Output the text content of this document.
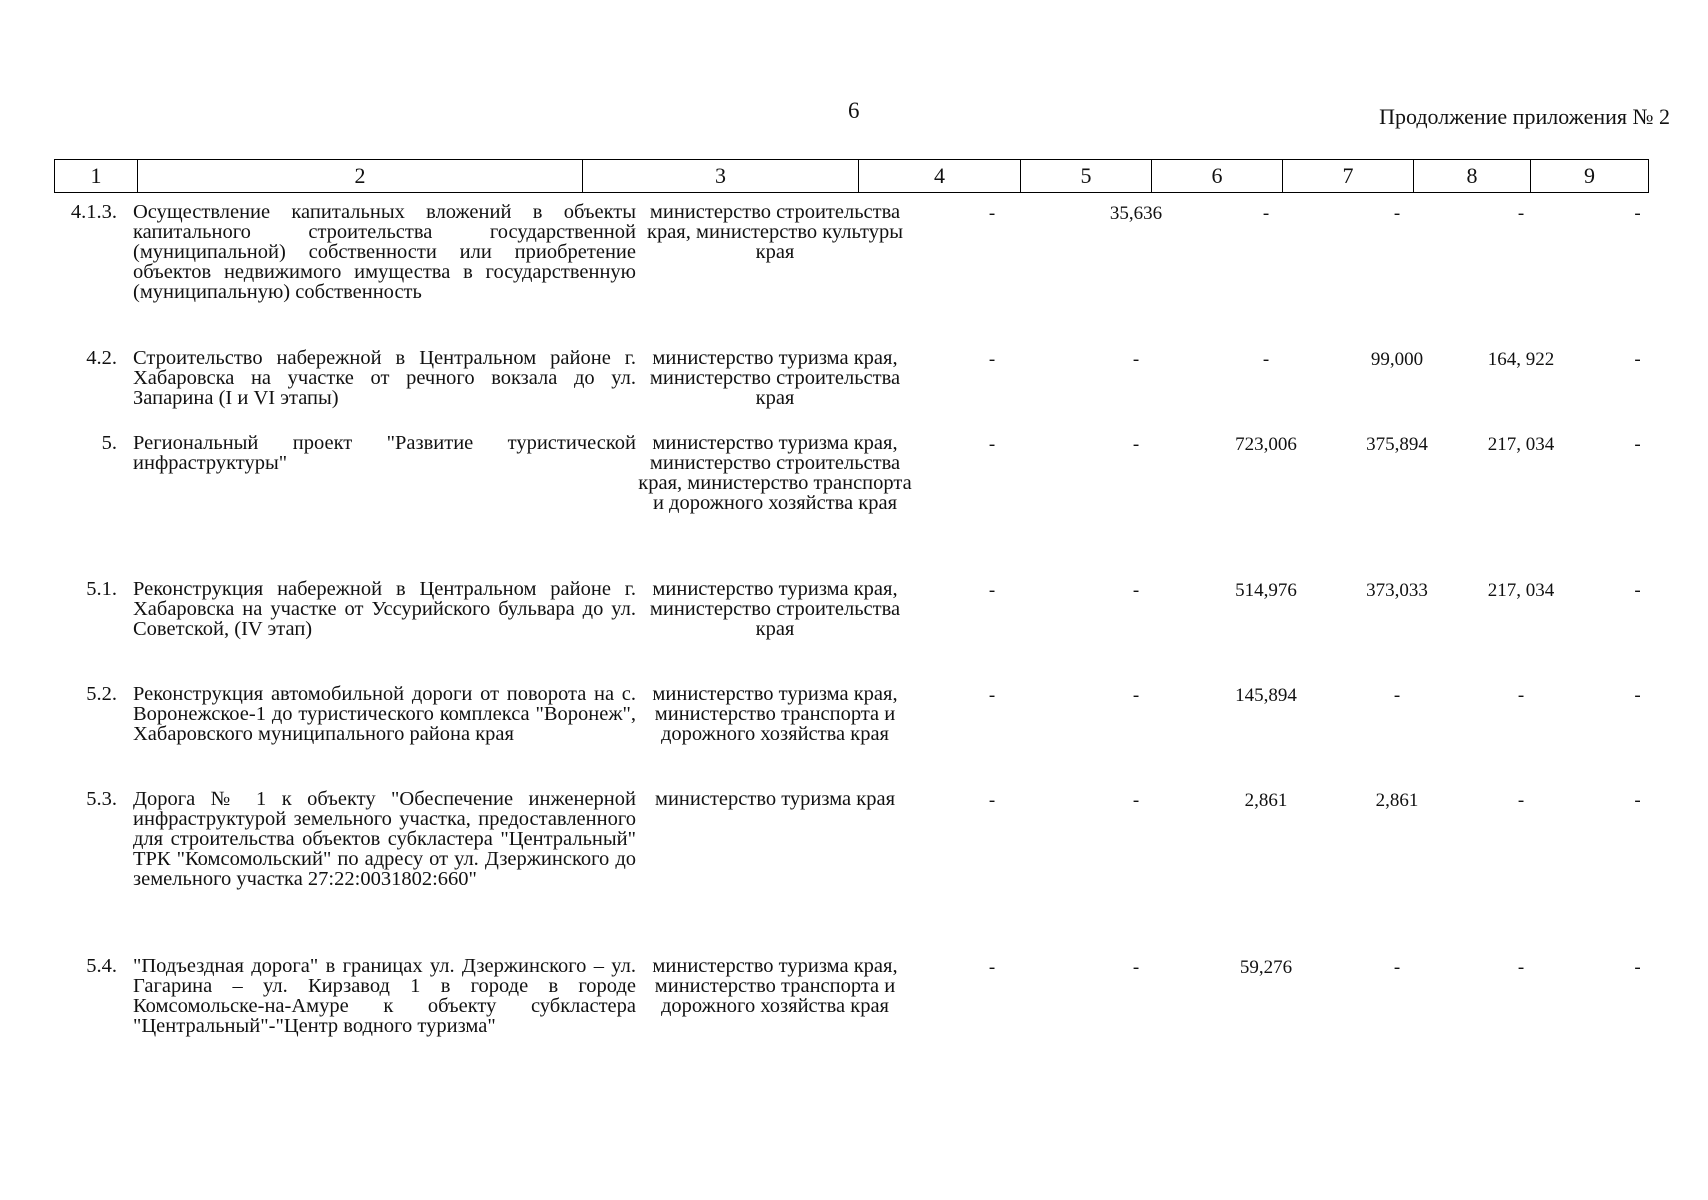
6	Продолжение приложения № 2
1	2	3	4	5	6	7	8	9
4.1.3. Осуществление капитальных вложений в объекты капитального строительства государственной (муниципальной) собственности или приобретение объектов недвижимого имущества в государственную (муниципальную) собственность
министерство строительства края, министерство культуры края
-	35,636	-	-	-	-
4.2. Строительство набережной в Центральном районе г. Хабаровска на участке от речного вокзала до ул. Запарина (I и VI этапы)
министерство туризма края, министерство строительства края
-	-	-	99,000	164, 922	-
5. Региональный проект "Развитие туристической инфраструктуры"
министерство туризма края, министерство строительства края, министерство транспорта и дорожного хозяйства края
-	-	723,006	375,894	217, 034	-
5.1. Реконструкция набережной в Центральном районе г. Хабаровска на участке от Уссурийского бульвара до ул. Советской, (IV этап)
министерство туризма края, министерство строительства края
-	-	514,976	373,033	217, 034	-
5.2. Реконструкция автомобильной дороги от поворота на с. Воронежское-1 до туристического комплекса "Воронеж", Хабаровского муниципального района края
министерство туризма края, министерство транспорта и дорожного хозяйства края
-	-	145,894	-	-	-
5.3. Дорога № 1 к объекту "Обеспечение инженерной инфраструктурой земельного участка, предоставленного для строительства объектов субкластера "Центральный" ТРК "Комсомольский" по адресу от ул. Дзержинского до земельного участка 27:22:0031802:660"
министерство туризма края	-	-	2,861	2,861	-	-
5.4. "Подъездная дорога" в границах ул. Дзержинского – ул. Гагарина – ул. Кирзавод 1 в городе в городе Комсомольске-на-Амуре к объекту субкластера "Центральный"-"Центр водного туризма"
министерство туризма края, министерство транспорта и дорожного хозяйства края
-	-	59,276	-	-	-
